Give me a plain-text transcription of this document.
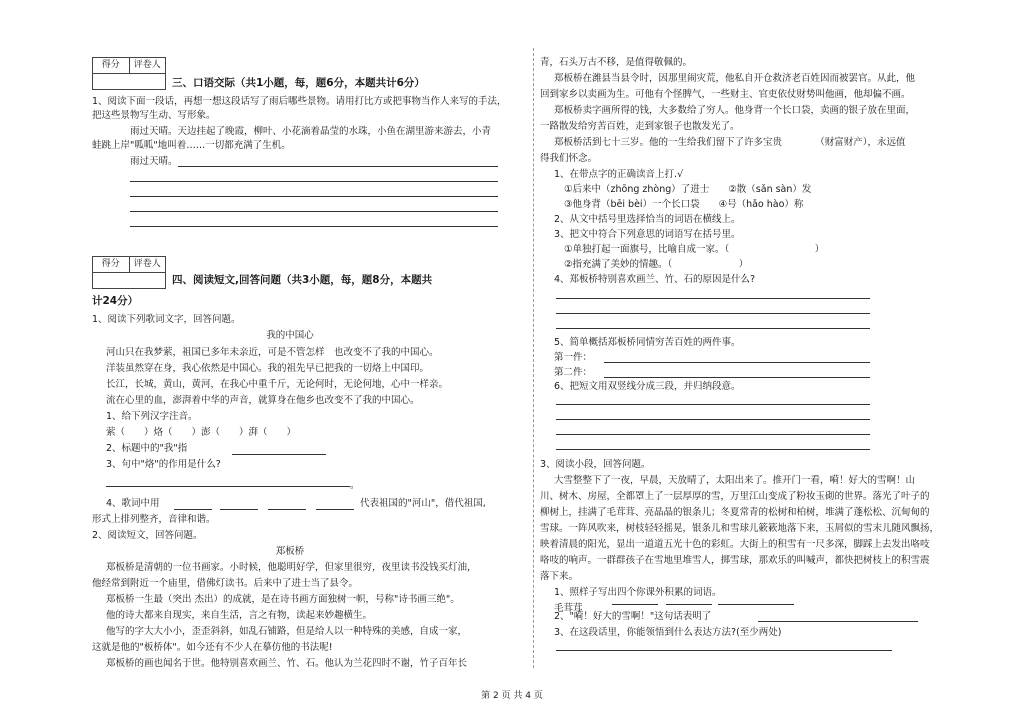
得分	评卷人
三、口语交际（共1小题，每，题6分，本题共计6分）
1、阅读下面一段话，再想一想这段话写了雨后哪些景物。请用打比方或把事物当作人来写的手法，
把这些景物写生动、写形象。
雨过天晴。天边挂起了晚霞，柳叶、小花滴着晶莹的水珠，小鱼在湖里游来游去，小青
蛙跳上岸"呱呱"地叫着……一切都充满了生机。
雨过天晴。
得分	评卷人
四、阅读短文,回答问题（共3小题，每，题8分，本题共
计24分）
1、阅读下列歌词文字，回答问题。
我的中国心
河山只在我梦萦，祖国已多年未亲近，可是不管怎样　也改变不了我的中国心。
洋装虽然穿在身，我心依然是中国心。我的祖先早已把我的一切烙上中国印。
长江，长城，黄山，黄河，在我心中重千斤，无论何时，无论何地，心中一样亲。
流在心里的血，澎湃着中华的声音，就算身在他乡也改变不了我的中国心。
1、给下列汉字注音。
萦（　　）烙（　　）澎（　　）湃（　　）
2、标题中的"我"指
3、句中"烙"的作用是什么?
。
4、歌词中用	代表祖国的"河山"，借代祖国,
形式上排列整齐，音律和谐。
2、阅读短文，回答问题。
郑板桥
郑板桥是清朝的一位书画家。小时候，他聪明好学，但家里很穷，夜里读书没钱买灯油，
他经常到附近一个庙里，借佛灯读书。后来中了进士当了县令。
郑板桥一生最（突出 杰出）的成就，是在诗书画方面独树一帜，号称"诗书画三绝"。
他的诗大都来自现实，来自生活，言之有物，读起来妙趣横生。
他写的字大大小小，歪歪斜斜，如乱石铺路，但是给人以一种特殊的美感，自成一家，
这就是他的"板桥体"。如今还有不少人在摹仿他的书法呢!
郑板桥的画也闻名于世。他特别喜欢画兰、竹、石。他认为兰花四时不谢，竹子百年长
青，石头万古不移，是值得敬佩的。
郑板桥在潍县当县令时，因那里闹灾荒，他私自开仓救济老百姓因而被罢官。从此，他
回到家乡以卖画为生。可他有个怪脾气，一些财主、官吏依仗财势叫他画，他却偏不画。
郑板桥卖字画所得的钱，大多数给了穷人。他身背一个长口袋，卖画的银子放在里面，
一路散发给穷苦百姓，走到家银子也散发光了。
郑板桥活到七十三岁。他的一生给我们留下了许多宝贵　　　　（财富财产），永远值
得我们怀念。
1、在带点字的正确读音上打.√
①后来中（zhōng zhòng）了进士　　②散（sǎn sàn）发
③他身背（bēi bèi）一个长口袋　　④号（hǎo hào）称
2、从文中括号里选择恰当的词语在横线上。
3、把文中符合下列意思的词语写在括号里。
①单独打起一面旗号，比喻自成一家。（　　　　　　　　　）
②指充满了美妙的情趣。（　　　　　　　）
4、郑板桥特别喜欢画兰、竹、石的原因是什么?
5、简单概括郑板桥同情穷苦百姓的两件事。
第一件：
第二件：
6、把短文用双竖线分成三段，并归纳段意。
3、阅读小段，回答问题。
大雪整整下了一夜，早晨，天放晴了，太阳出来了。推开门一看，嗬！好大的雪啊！山
川、树木、房屋，全都罩上了一层厚厚的雪，万里江山变成了粉妆玉砌的世界。落光了叶子的
柳树上，挂满了毛茸茸、亮晶晶的银条儿；冬夏常青的松树和柏树，堆满了蓬松松、沉甸甸的
雪球。一阵风吹来，树枝轻轻摇晃，银条儿和雪球儿簌簌地落下来，玉屑似的雪末儿随风飘扬，
映着清晨的阳光，显出一道道五光十色的彩虹。大街上的积雪有一尺多深，脚踩上去发出咯吱
咯吱的响声。一群群孩子在雪地里堆雪人，掷雪球，那欢乐的叫喊声，都快把树枝上的积雪震
落下来。
1、照样子写出四个你课外积累的词语。
毛茸茸
2、"嗬！好大的雪啊！"这句话表明了
3、在这段话里，你能领悟到什么表达方法?(至少两处)
第 2 页 共 4 页
